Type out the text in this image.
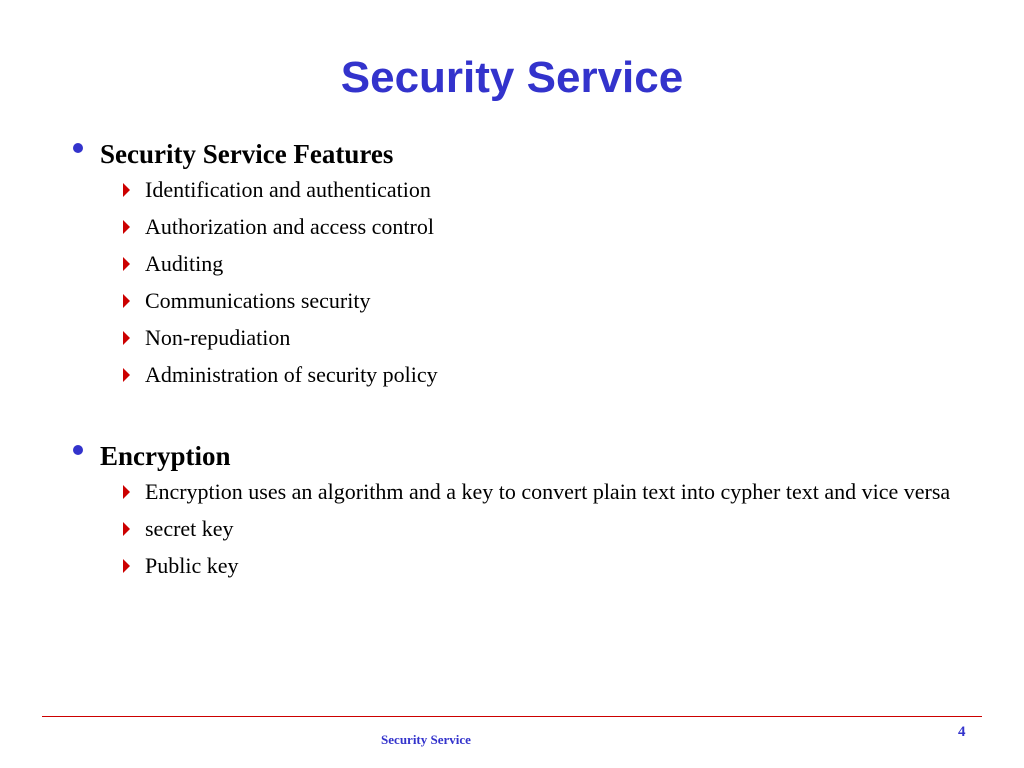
Security Service
Security Service Features
Identification and authentication
Authorization and access control
Auditing
Communications security
Non-repudiation
Administration of security policy
Encryption
Encryption uses an algorithm and a key to convert plain text into cypher text and vice versa
secret key
Public key
Security Service	4
